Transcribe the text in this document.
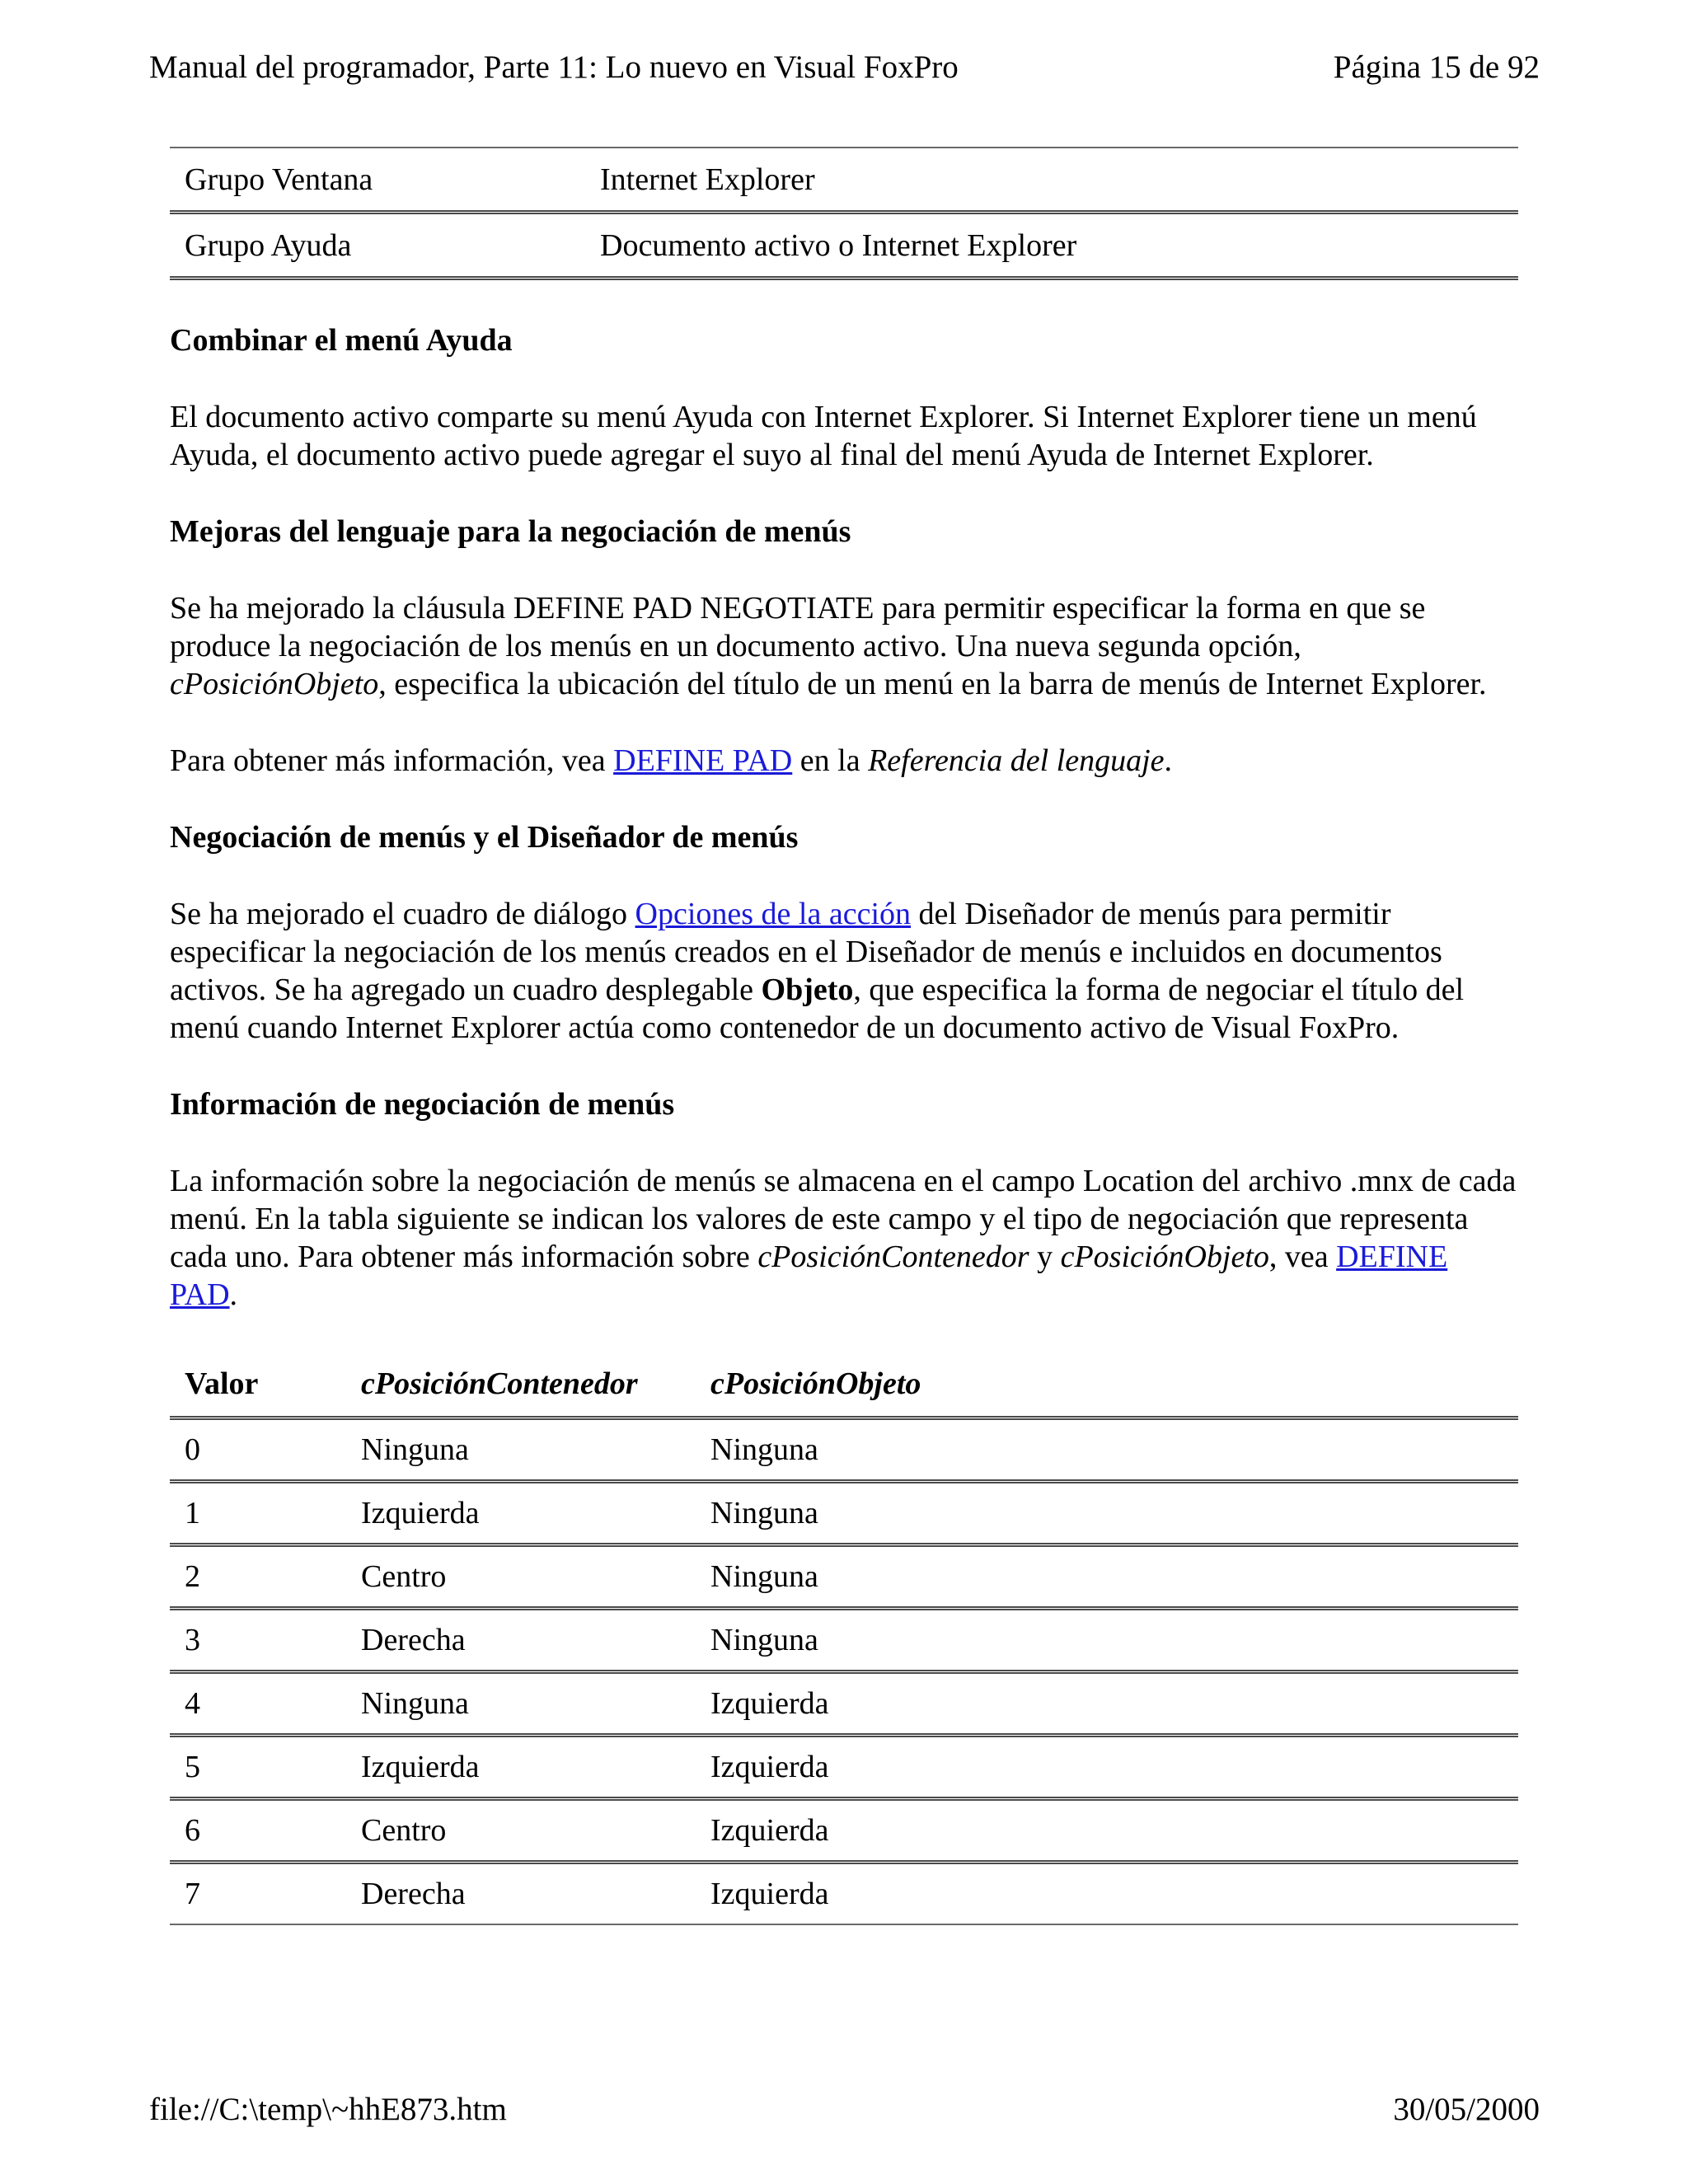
Manual del programador, Parte 11: Lo nuevo en Visual FoxPro	Página 15 de 92
Grupo Ventana	Internet Explorer
Grupo Ayuda	Documento activo o Internet Explorer
Combinar el menú Ayuda

El documento activo comparte su menú Ayuda con Internet Explorer. Si Internet Explorer tiene un menú Ayuda, el documento activo puede agregar el suyo al final del menú Ayuda de Internet Explorer.

Mejoras del lenguaje para la negociación de menús

Se ha mejorado la cláusula DEFINE PAD NEGOTIATE para permitir especificar la forma en que se produce la negociación de los menús en un documento activo. Una nueva segunda opción, cPosiciónObjeto, especifica la ubicación del título de un menú en la barra de menús de Internet Explorer.

Para obtener más información, vea DEFINE PAD en la Referencia del lenguaje.

Negociación de menús y el Diseñador de menús

Se ha mejorado el cuadro de diálogo Opciones de la acción del Diseñador de menús para permitir especificar la negociación de los menús creados en el Diseñador de menús e incluidos en documentos activos. Se ha agregado un cuadro desplegable Objeto, que especifica la forma de negociar el título del menú cuando Internet Explorer actúa como contenedor de un documento activo de Visual FoxPro.

Información de negociación de menús

La información sobre la negociación de menús se almacena en el campo Location del archivo .mnx de cada menú. En la tabla siguiente se indican los valores de este campo y el tipo de negociación que representa cada uno. Para obtener más información sobre cPosiciónContenedor y cPosiciónObjeto, vea DEFINE PAD.

Valor	cPosiciónContenedor	cPosiciónObjeto
0	Ninguna	Ninguna
1	Izquierda	Ninguna
2	Centro	Ninguna
3	Derecha	Ninguna
4	Ninguna	Izquierda
5	Izquierda	Izquierda
6	Centro	Izquierda
7	Derecha	Izquierda
file://C:\temp\~hhE873.htm	30/05/2000
